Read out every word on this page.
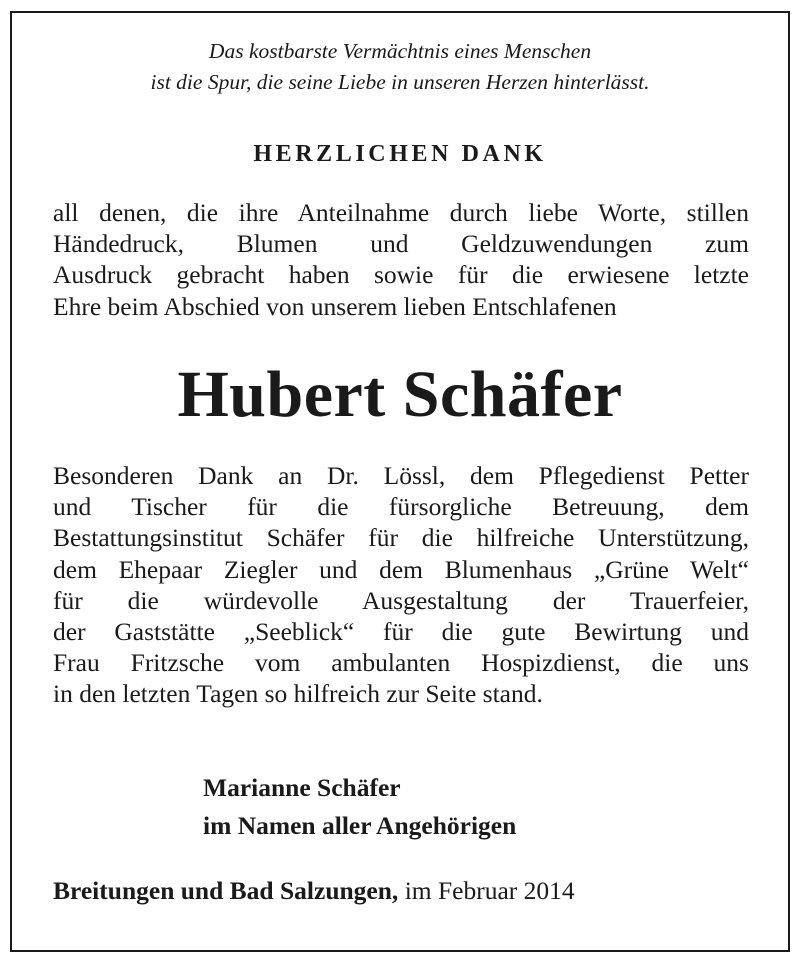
Das kostbarste Vermächtnis eines Menschen
ist die Spur, die seine Liebe in unseren Herzen hinterlässt.
HERZLICHEN DANK
all denen, die ihre Anteilnahme durch liebe Worte, stillen
Händedruck, Blumen und Geldzuwendungen zum
Ausdruck gebracht haben sowie für die erwiesene letzte
Ehre beim Abschied von unserem lieben Entschlafenen
Hubert Schäfer
Besonderen Dank an Dr. Lössl, dem Pflegedienst Petter
und Tischer für die fürsorgliche Betreuung, dem
Bestattungsinstitut Schäfer für die hilfreiche Unterstützung,
dem Ehepaar Ziegler und dem Blumenhaus „Grüne Welt“
für die würdevolle Ausgestaltung der Trauerfeier,
der Gaststätte „Seeblick“ für die gute Bewirtung und
Frau Fritzsche vom ambulanten Hospizdienst, die uns
in den letzten Tagen so hilfreich zur Seite stand.
Marianne Schäfer
im Namen aller Angehörigen
Breitungen und Bad Salzungen, im Februar 2014
